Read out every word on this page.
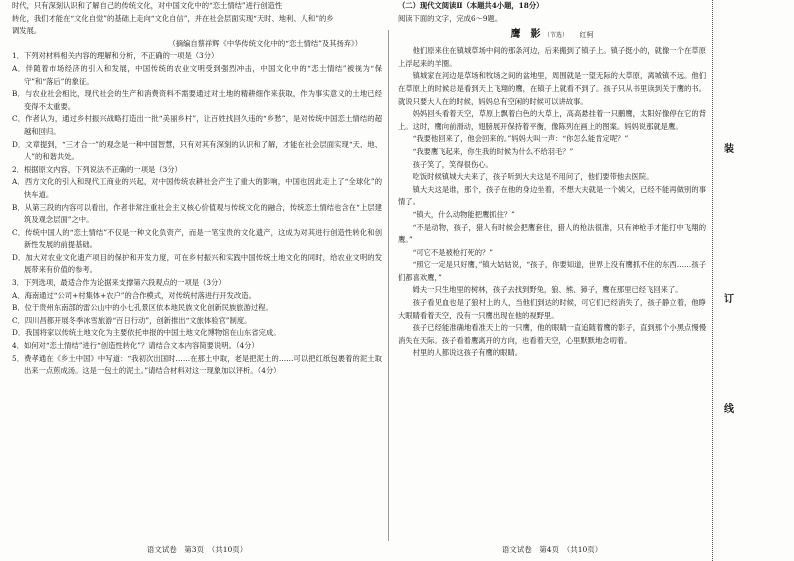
时代，只有深刻认识和了解自己的传统文化，对中国文化中的“恋土情结”进行创造性

转化，我们才能在“文化自觉”的基础上走向“文化自信”，并在社会层面实现“天时、地利、人和”的乡

调发展。

（摘编自蔡祥辉《中华传统文化中的“恋土情结”及其扬弃》）

1．下列对材料相关内容的理解和分析，不正确的一项是（3分）

A．伴随着市场经济的引入和发展，中国传统的农业文明受到强烈冲击，中国文化中的“恋土情结”被视为“保守”和“落后”的象征。

B．与农业社会相比，现代社会的生产和消费资料不需要通过对土地的精耕细作来获取，作为事实意义的土地已经变得不太重要。

C．作者认为，通过乡村振兴战略打造出一批“美丽乡村”，让百姓找回久违的“乡愁”，是对传统中国恋土情结的超越和回归。

D．文章提到，“三才合一”的观念是一种中国智慧，只有对其有深刻的认识和了解，才能在社会层面实现“天、地、人”的和谐共处。

2．根据原文内容，下列说法不正确的一项是（3分）

A．西方文化的引入和现代工商业的兴起，对中国传统农耕社会产生了重大的影响，中国也因此走上了“全球化”的快车道。

B．从第三段的内容可以看出，作者非常注重社会主义核心价值观与传统文化的融合，传统恋土情结也含在“上层建筑及观念层面”之中。

C．传统中国人的“恋土情结”不仅是一种文化负资产，而是一笔宝贵的文化遗产，这成为对其进行创造性转化和创新性发展的前提基础。

D．加大对农业文化遗产项目的保护和开发力度，可在乡村振兴和实践中国传统土地文化的同时，给农业文明的发展带来有价值的参考。

3．下列选项，最适合作为论据来支撑第六段观点的一项是（3分）

A．海南通过“公司+村集体+农户”的合作模式，对传统村落进行开发改造。

B．位于贵州东南部的雷公山中的小七孔景区依本地民族文化创新民族旅游过程。

C．四川昌都开展冬季冰雪旅游“百日行动”，创新推出“文旅体验官”制度。

D．我国将家以传统土地文化为主要依托申报的中国土地文化博物馆在山东省完成。

4．如何对“恋土情结”进行“创造性转化”？请结合文本内容简要说明。（4分）

5．费孝通在《乡土中国》中写道：“我初次出国时……在那土中取，老是把泥土的……可以把红纸包裹着的泥土取出来一点煎成汤。这是一包土的泥土。”请结合材料对这一现象加以评析。（4分）

语文试卷　第3页　（共10页）

（二）现代文阅读Ⅱ（本题共4小题，18分）

阅读下面的文字，完成6～9题。

鹰　影 （节选） 红柯

他们原来住在镇城草场中间的那条河边，后来搬到了镇子上。镇子挺小的，就像一个在草原上浮起来的羊圈。

镇城家在河边是草场和牧场之间的盆地里，周围就是一望无际的大草原，离城镇不远。他们在草原上的时候总是看到天上飞翔的鹰，在镇子上就看不到了。孩子只从书里读到关于鹰的书。就说只要大人在的时候，妈妈总有空闲的时候可以讲故事。

妈妈回头看着天空，草原上飘着白色的大草上，高高悬挂着一只鹏鹰，太阳好像停在它的背上。这时，鹰向前滑动，翅膀展开保持着平衡，像陈列在画上的图案。妈妈说那就是鹰。

“我要他回来了，他会回来的。”妈妈大叫一声：“你怎么能肯定呢？”

“我要鹰飞起来，你生我的时候为什么不给羽毛？”

孩子笑了，笑得很伤心。

吃饭时候镇城大夫来了，孩子听到大夫这是不用问了，他们要带他去医院。

镇大夫这是谁，那个，孩子在他的身边坐着，不想大夫就是一个姨父，已经不能再做别的事情了。

“镇大，什么动物能把鹰抓住？”

“不是动物，孩子，猎人有时候会把鹰套住，猎人的枪法很准，只有神枪手才能打中飞翔的鹰。”

“可它不是被枪打死的？”

“照它一定是只好鹰，”镇大姑姑说，“孩子，你要知道，世界上没有鹰抓不住的东西……孩子们都喜欢鹰，”

姆夫一只生地里的树林，孩子去找到野兔，狼、熊、獐子，鹰在那里已经飞回来了。

孩子看见血也是了狼村上的人，当他们到达的时候，可它们已经消失了，孩子静立着，他睁大眼睛看着天空，没有一只鹰出现在他的视野里。

孩子已经能准确地看准天上的一只鹰，他的眼睛一直追随着鹰的影子，直到那个小黑点慢慢消失在天际。孩子看着鹰离开的方向，也看着天空，心里默默地念叨着。

村里的人都说这孩子有鹰的眼睛。

语文试卷　第4页　（共10页）
装
订
线
